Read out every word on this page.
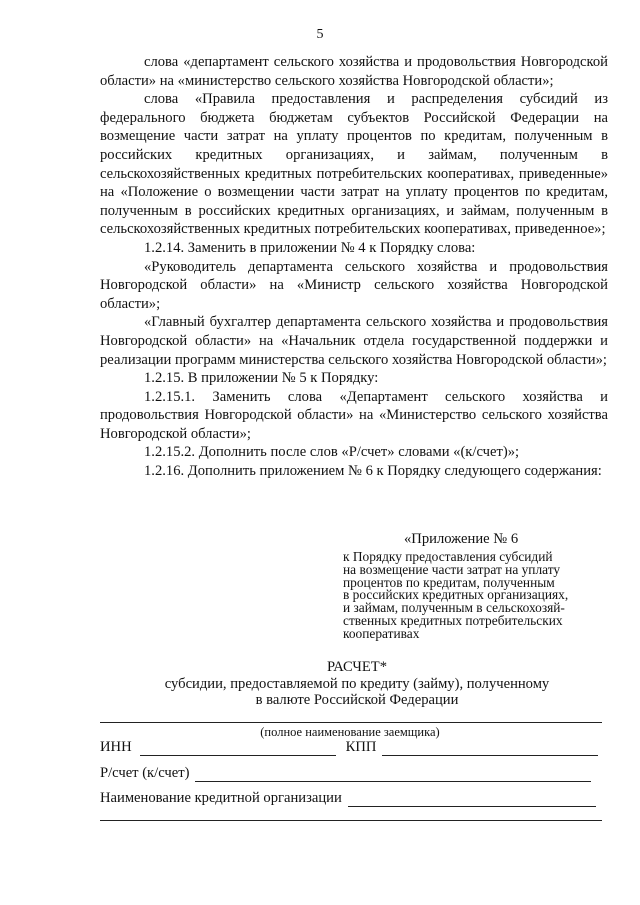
5

слова «департамент сельского хозяйства и продовольствия Новгородской области» на «министерство сельского хозяйства Новгородской области»;

слова «Правила предоставления и распределения субсидий из федерального бюджета бюджетам субъектов Российской Федерации на возмещение части затрат на уплату процентов по кредитам, полученным в российских кредитных организациях, и займам, полученным в сельскохозяйственных кредитных потребительских кооперативах, приведенные» на «Положение о возмещении части затрат на уплату процентов по кредитам, полученным в российских кредитных организациях, и займам, полученным в сельскохозяйственных кредитных потребительских кооперативах, приведенное»;

1.2.14. Заменить в приложении № 4 к Порядку слова:

«Руководитель департамента сельского хозяйства и продовольствия Новгородской области» на «Министр сельского хозяйства Новгородской области»;

«Главный бухгалтер департамента сельского хозяйства и продовольствия Новгородской области» на «Начальник отдела государственной поддержки и реализации программ министерства сельского хозяйства Новгородской области»;

1.2.15. В приложении № 5 к Порядку:

1.2.15.1. Заменить слова «Департамент сельского хозяйства и продовольствия Новгородской области» на «Министерство сельского хозяйства Новгородской области»;

1.2.15.2. Дополнить после слов «Р/счет» словами «(к/счет)»;

1.2.16. Дополнить приложением № 6 к Порядку следующего содержания:

«Приложение № 6
к Порядку предоставления субсидий
на возмещение части затрат на уплату
процентов по кредитам, полученным
в российских кредитных организациях,
и займам, полученным в сельскохозяй-
ственных кредитных потребительских
кооперативах
РАСЧЕТ*
субсидии, предоставляемой по кредиту (займу), полученному
в валюте Российской Федерации
(полное наименование заемщика)
ИНН	КПП
Р/счет (к/счет)
Наименование кредитной организации
